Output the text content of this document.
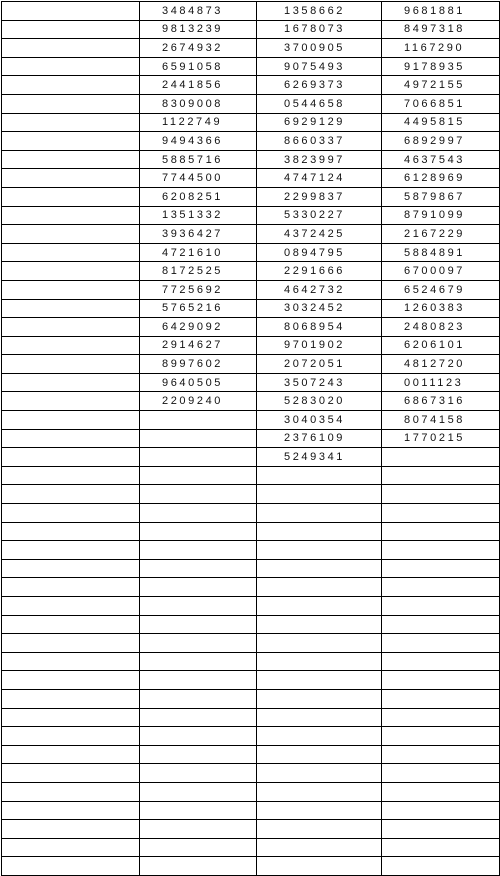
	3484873	1358662	9681881
	9813239	1678073	8497318
	2674932	3700905	1167290
	6591058	9075493	9178935
	2441856	6269373	4972155
	8309008	0544658	7066851
	1122749	6929129	4495815
	9494366	8660337	6892997
	5885716	3823997	4637543
	7744500	4747124	6128969
	6208251	2299837	5879867
	1351332	5330227	8791099
	3936427	4372425	2167229
	4721610	0894795	5884891
	8172525	2291666	6700097
	7725692	4642732	6524679
	5765216	3032452	1260383
	6429092	8068954	2480823
	2914627	9701902	6206101
	8997602	2072051	4812720
	9640505	3507243	0011123
	2209240	5283020	6867316
		3040354	8074158
		2376109	1770215
		5249341	
